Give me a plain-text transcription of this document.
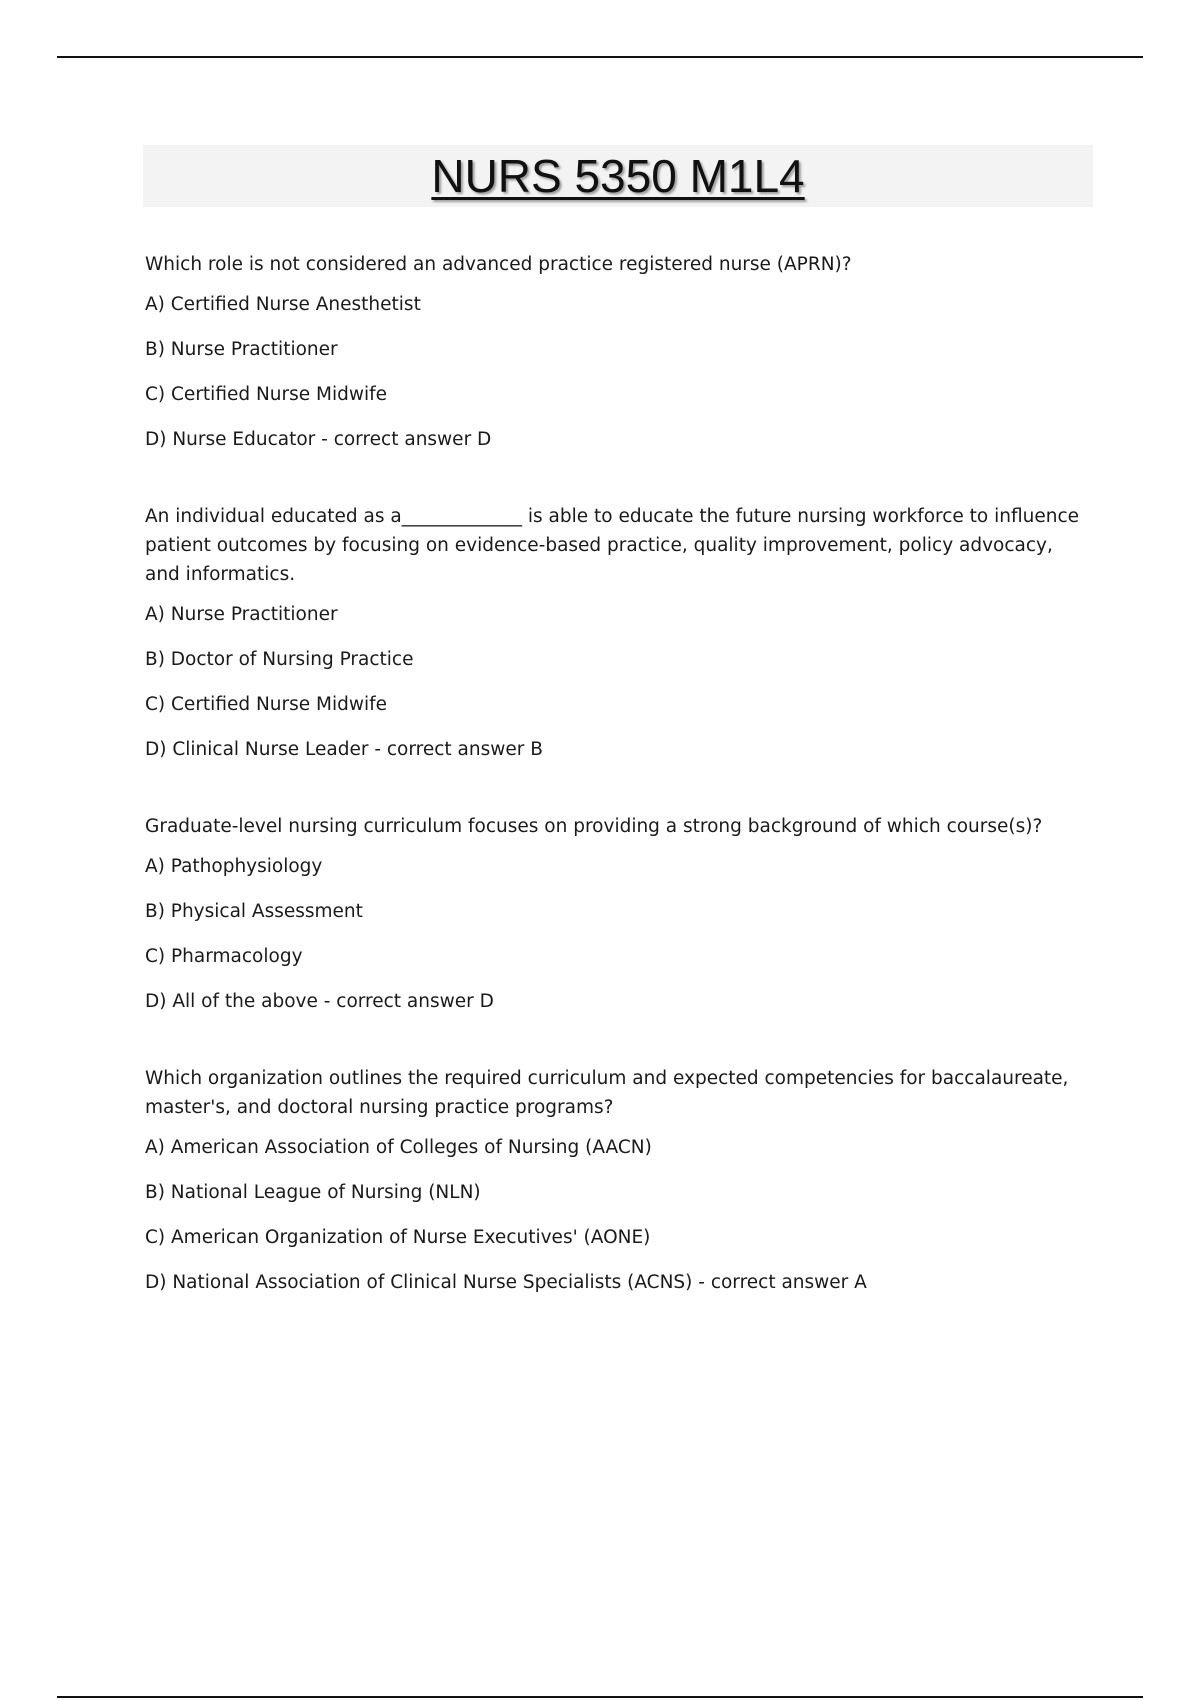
NURS 5350 M1L4

Which role is not considered an advanced practice registered nurse (APRN)?

A) Certified Nurse Anesthetist

B) Nurse Practitioner

C) Certified Nurse Midwife

D) Nurse Educator - correct answer D

An individual educated as a_____________ is able to educate the future nursing workforce to influence patient outcomes by focusing on evidence-based practice, quality improvement, policy advocacy, and informatics.

A) Nurse Practitioner

B) Doctor of Nursing Practice

C) Certified Nurse Midwife

D) Clinical Nurse Leader - correct answer B

Graduate-level nursing curriculum focuses on providing a strong background of which course(s)?

A) Pathophysiology

B) Physical Assessment

C) Pharmacology

D) All of the above - correct answer D

Which organization outlines the required curriculum and expected competencies for baccalaureate, master's, and doctoral nursing practice programs?

A) American Association of Colleges of Nursing (AACN)

B) National League of Nursing (NLN)

C) American Organization of Nurse Executives' (AONE)

D) National Association of Clinical Nurse Specialists (ACNS) - correct answer A
